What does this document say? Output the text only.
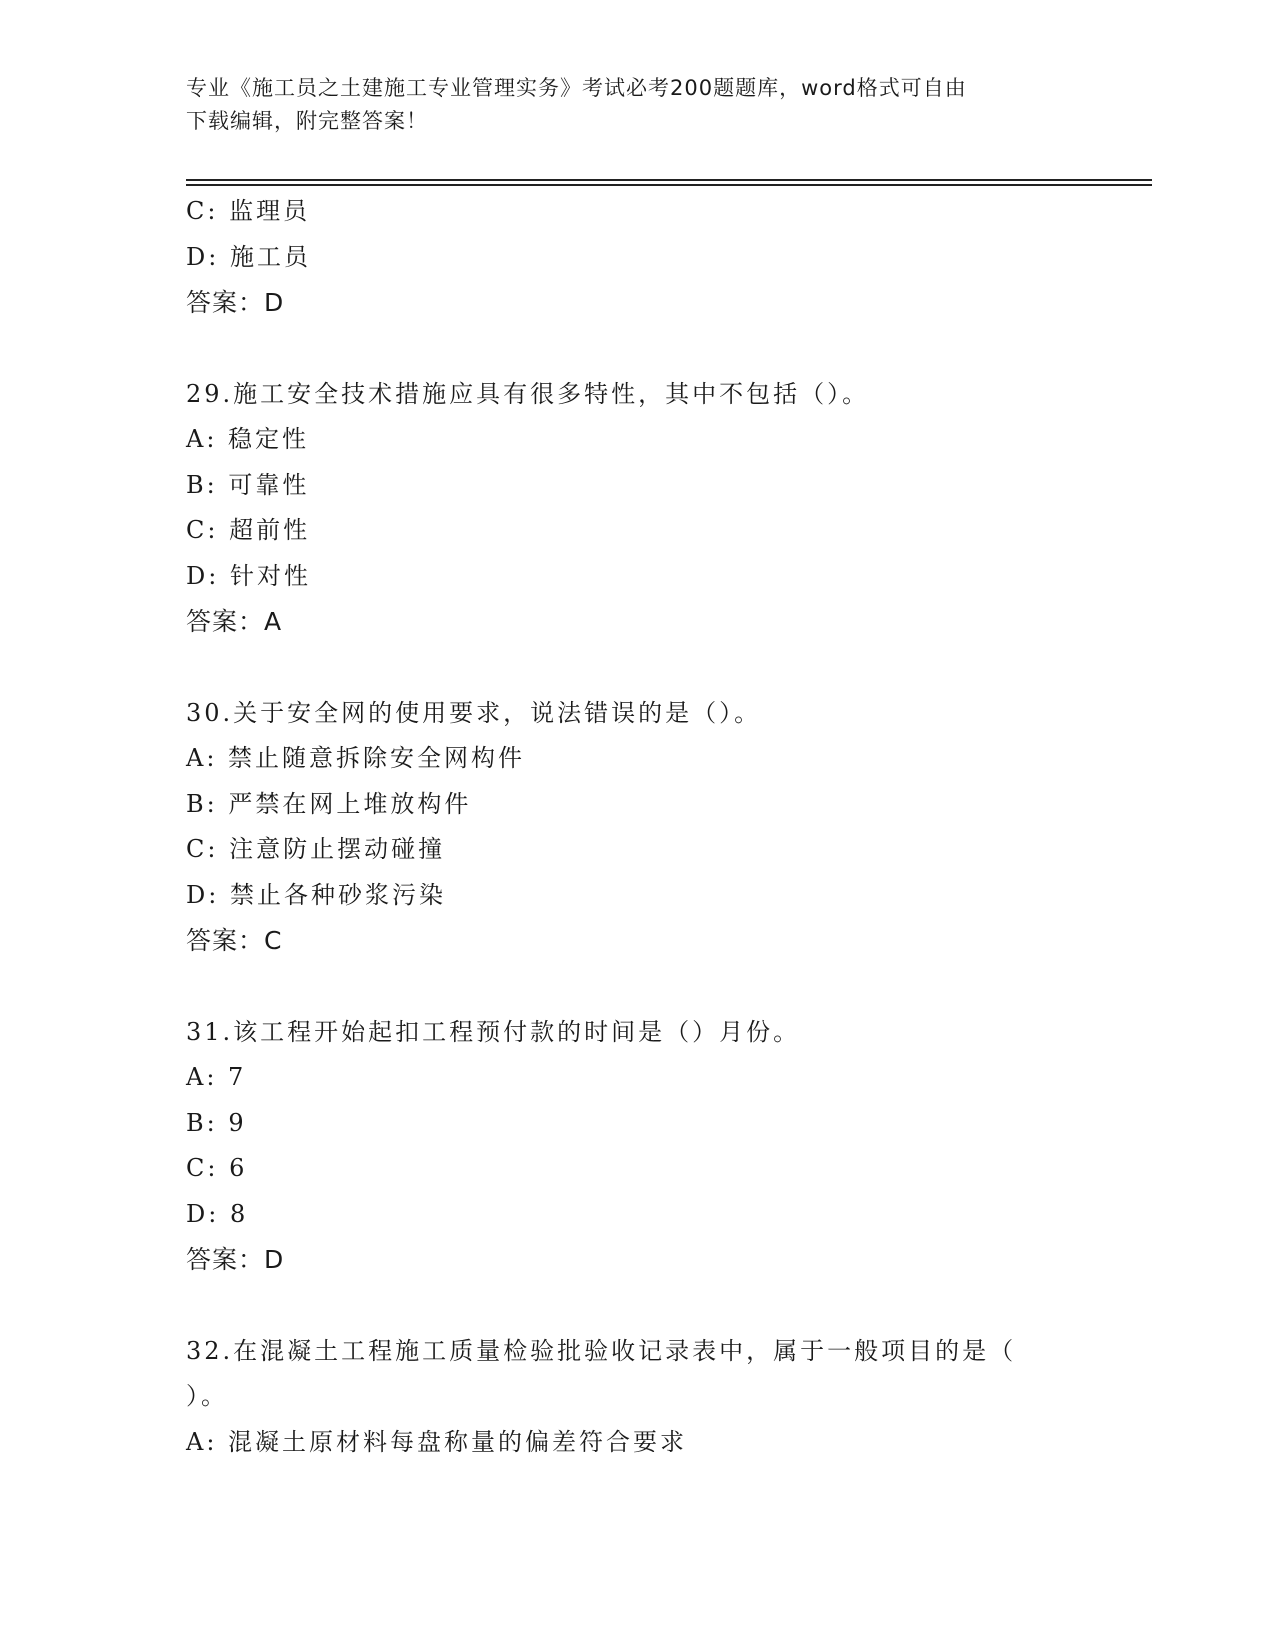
专业《施工员之土建施工专业管理实务》考试必考200题题库，word格式可自由
下载编辑，附完整答案！
C: 监理员
D: 施工员
答案：D
29.施工安全技术措施应具有很多特性，其中不包括（）。
A: 稳定性
B: 可靠性
C: 超前性
D: 针对性
答案：A
30.关于安全网的使用要求，说法错误的是（）。
A: 禁止随意拆除安全网构件
B: 严禁在网上堆放构件
C: 注意防止摆动碰撞
D: 禁止各种砂浆污染
答案：C
31.该工程开始起扣工程预付款的时间是（）月份。
A: 7
B: 9
C: 6
D: 8
答案：D
32.在混凝土工程施工质量检验批验收记录表中，属于一般项目的是（
）。
A: 混凝土原材料每盘称量的偏差符合要求
